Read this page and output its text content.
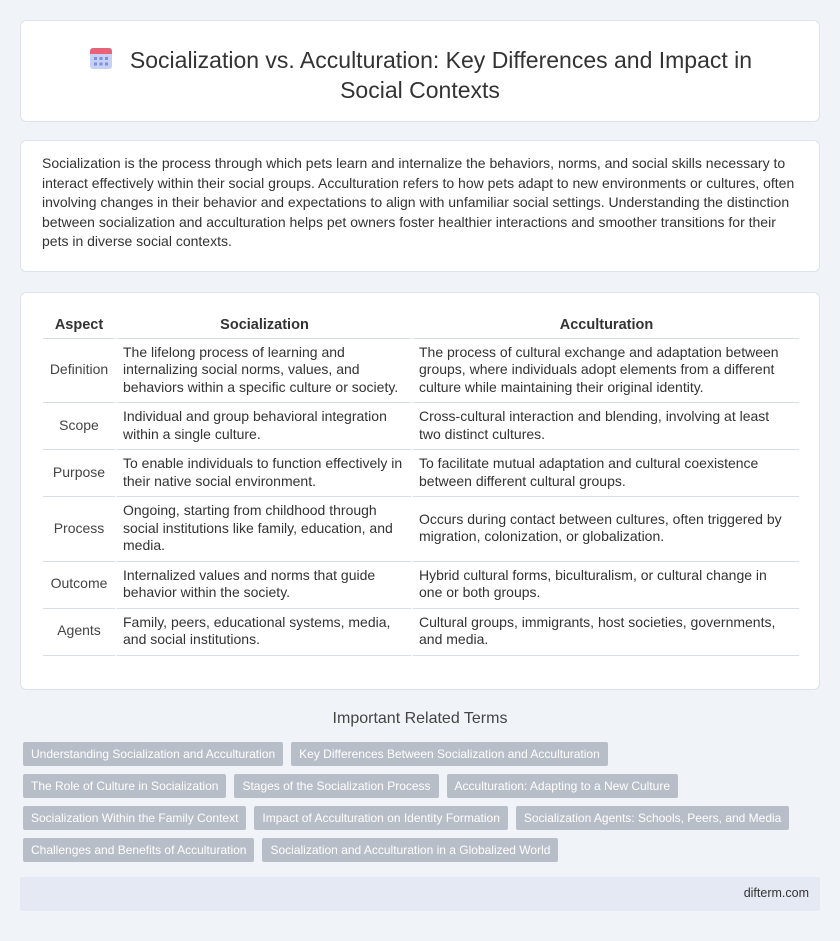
Socialization vs. Acculturation: Key Differences and Impact in Social Contexts

Socialization is the process through which pets learn and internalize the behaviors, norms, and social skills necessary to interact effectively within their social groups. Acculturation refers to how pets adapt to new environments or cultures, often involving changes in their behavior and expectations to align with unfamiliar social settings. Understanding the distinction between socialization and acculturation helps pet owners foster healthier interactions and smoother transitions for their pets in diverse social contexts.

Aspect	Socialization	Acculturation
Definition	The lifelong process of learning and internalizing social norms, values, and behaviors within a specific culture or society.	The process of cultural exchange and adaptation between groups, where individuals adopt elements from a different culture while maintaining their original identity.
Scope	Individual and group behavioral integration within a single culture.	Cross-cultural interaction and blending, involving at least two distinct cultures.
Purpose	To enable individuals to function effectively in their native social environment.	To facilitate mutual adaptation and cultural coexistence between different cultural groups.
Process	Ongoing, starting from childhood through social institutions like family, education, and media.	Occurs during contact between cultures, often triggered by migration, colonization, or globalization.
Outcome	Internalized values and norms that guide behavior within the society.	Hybrid cultural forms, biculturalism, or cultural change in one or both groups.
Agents	Family, peers, educational systems, media, and social institutions.	Cultural groups, immigrants, host societies, governments, and media.
Important Related Terms
Understanding Socialization and Acculturation	Key Differences Between Socialization and Acculturation
The Role of Culture in Socialization	Stages of the Socialization Process	Acculturation: Adapting to a New Culture
Socialization Within the Family Context	Impact of Acculturation on Identity Formation	Socialization Agents: Schools, Peers, and Media
Challenges and Benefits of Acculturation	Socialization and Acculturation in a Globalized World
difterm.com
